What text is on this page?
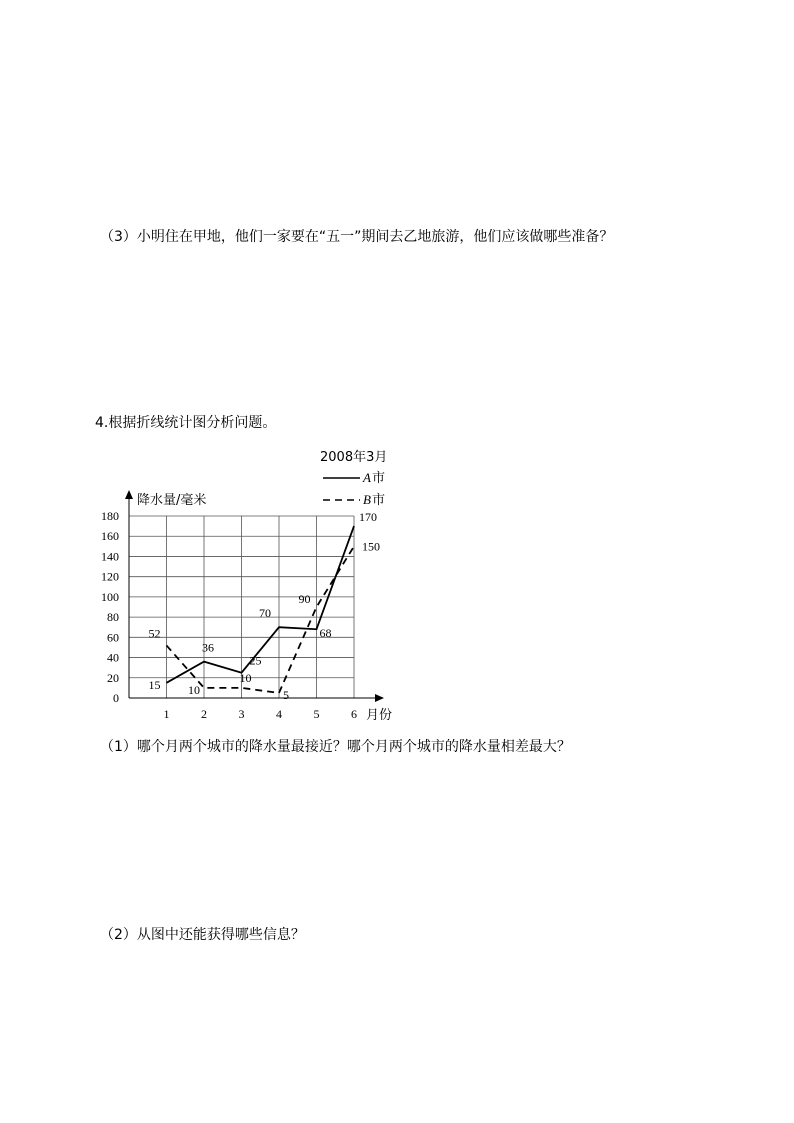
（3）小明住在甲地，他们一家要在“五一”期间去乙地旅游，他们应该做哪些准备？
4.根据折线统计图分析问题。
0
20
40
60
80
100
120
140
160
180
1	2	3	4	5	6
15
36
25
70
68
170
52
10
10
5
90
150
2008年3月
A 市
B 市
降水量/毫米
月份
（1）哪个月两个城市的降水量最接近？哪个月两个城市的降水量相差最大？
（2）从图中还能获得哪些信息？
